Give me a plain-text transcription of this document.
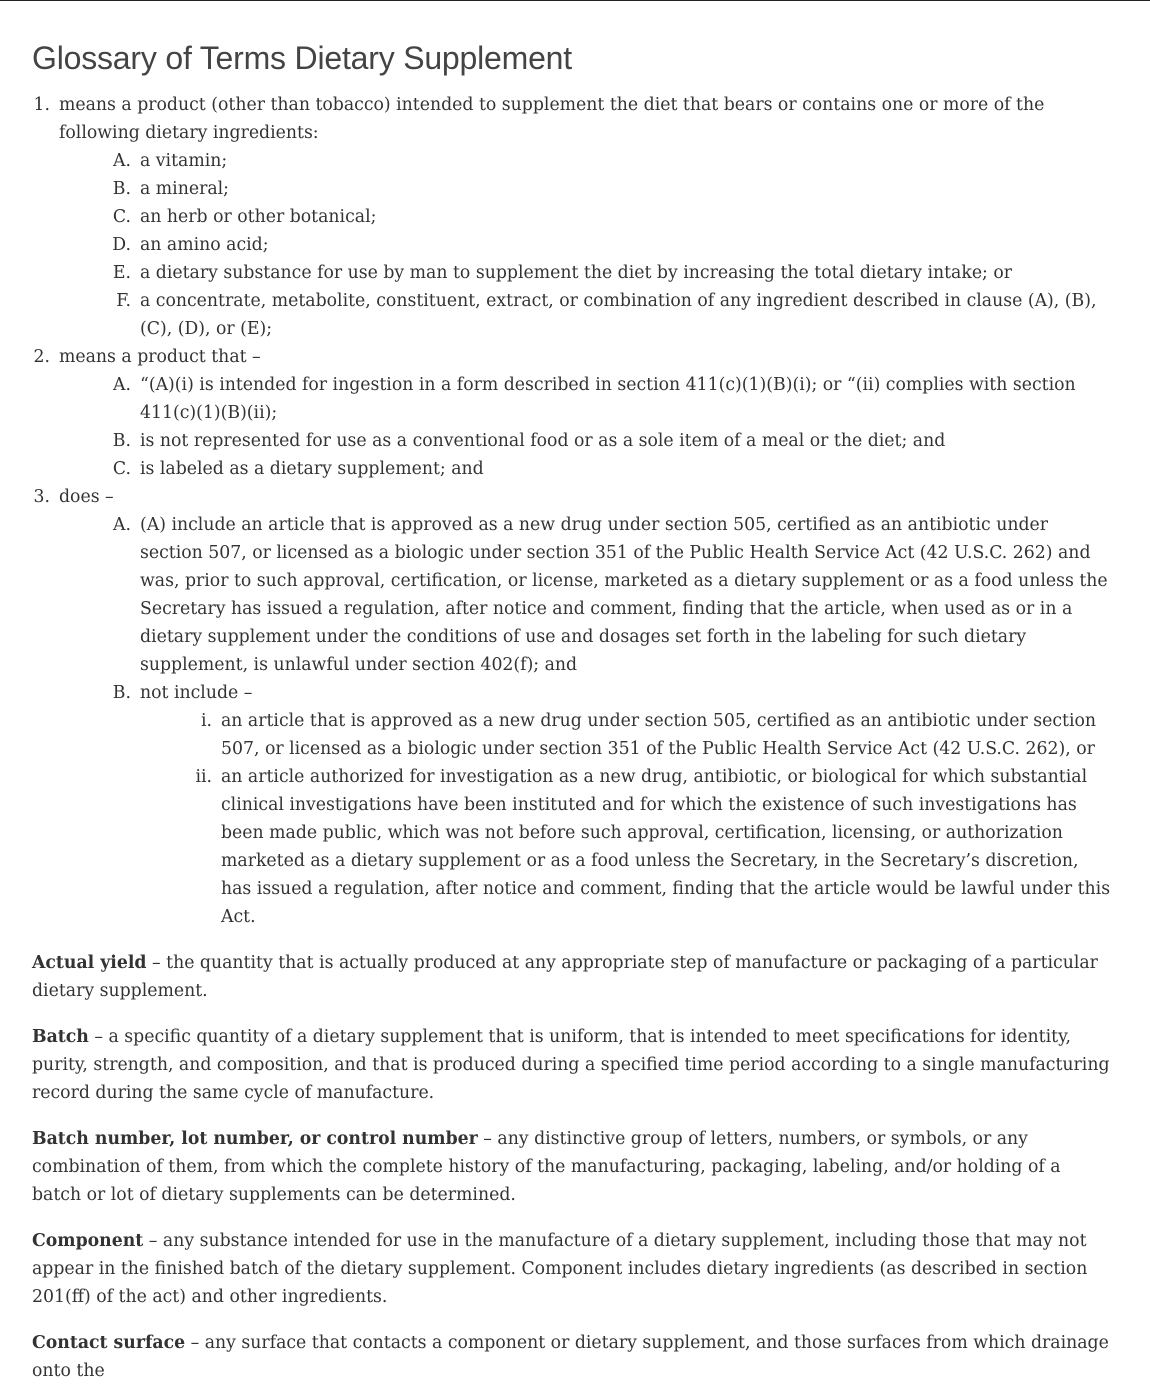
Glossary of Terms Dietary Supplement
1. means a product (other than tobacco) intended to supplement the diet that bears or contains one or more of the following dietary ingredients:
A. a vitamin;
B. a mineral;
C. an herb or other botanical;
D. an amino acid;
E. a dietary substance for use by man to supplement the diet by increasing the total dietary intake; or
F. a concentrate, metabolite, constituent, extract, or combination of any ingredient described in clause (A), (B), (C), (D), or (E);
2. means a product that –
A. “(A)(i) is intended for ingestion in a form described in section 411(c)(1)(B)(i); or “(ii) complies with section 411(c)(1)(B)(ii);
B. is not represented for use as a conventional food or as a sole item of a meal or the diet; and
C. is labeled as a dietary supplement; and
3. does –
A. (A) include an article that is approved as a new drug under section 505, certified as an antibiotic under section 507, or licensed as a biologic under section 351 of the Public Health Service Act (42 U.S.C. 262) and was, prior to such approval, certification, or license, marketed as a dietary supplement or as a food unless the Secretary has issued a regulation, after notice and comment, finding that the article, when used as or in a dietary supplement under the conditions of use and dosages set forth in the labeling for such dietary supplement, is unlawful under section 402(f); and
B. not include –
i. an article that is approved as a new drug under section 505, certified as an antibiotic under section 507, or licensed as a biologic under section 351 of the Public Health Service Act (42 U.S.C. 262), or
ii. an article authorized for investigation as a new drug, antibiotic, or biological for which substantial clinical investigations have been instituted and for which the existence of such investigations has been made public, which was not before such approval, certification, licensing, or authorization marketed as a dietary supplement or as a food unless the Secretary, in the Secretary’s discretion, has issued a regulation, after notice and comment, finding that the article would be lawful under this Act.

Actual yield – the quantity that is actually produced at any appropriate step of manufacture or packaging of a particular dietary supplement.

Batch – a specific quantity of a dietary supplement that is uniform, that is intended to meet specifications for identity, purity, strength, and composition, and that is produced during a specified time period according to a single manufacturing record during the same cycle of manufacture.

Batch number, lot number, or control number – any distinctive group of letters, numbers, or symbols, or any combination of them, from which the complete history of the manufacturing, packaging, labeling, and/or holding of a batch or lot of dietary supplements can be determined.

Component – any substance intended for use in the manufacture of a dietary supplement, including those that may not appear in the finished batch of the dietary supplement. Component includes dietary ingredients (as described in section 201(ff) of the act) and other ingredients.

Contact surface – any surface that contacts a component or dietary supplement, and those surfaces from which drainage onto the
